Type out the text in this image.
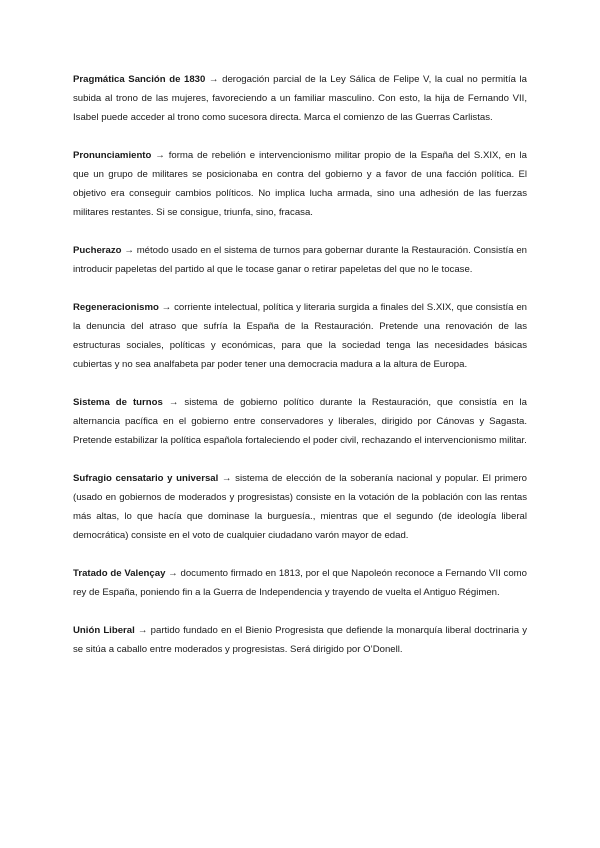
Pragmática Sanción de 1830 → derogación parcial de la Ley Sálica de Felipe V, la cual no permitía la subida al trono de las mujeres, favoreciendo a un familiar masculino. Con esto, la hija de Fernando VII, Isabel puede acceder al trono como sucesora directa. Marca el comienzo de las Guerras Carlistas.

Pronunciamiento → forma de rebelión e intervencionismo militar propio de la España del S.XIX, en la que un grupo de militares se posicionaba en contra del gobierno y a favor de una facción política. El objetivo era conseguir cambios políticos. No implica lucha armada, sino una adhesión de las fuerzas militares restantes. Si se consigue, triunfa, sino, fracasa.

Pucherazo → método usado en el sistema de turnos para gobernar durante la Restauración. Consistía en introducir papeletas del partido al que le tocase ganar o retirar papeletas del que no le tocase.

Regeneracionismo → corriente intelectual, política y literaria surgida a finales del S.XIX, que consistía en la denuncia del atraso que sufría la España de la Restauración. Pretende una renovación de las estructuras sociales, políticas y económicas, para que la sociedad tenga las necesidades básicas cubiertas y no sea analfabeta par poder tener una democracia madura a la altura de Europa.

Sistema de turnos → sistema de gobierno político durante la Restauración, que consistía en la alternancia pacífica en el gobierno entre conservadores y liberales, dirigido por Cánovas y Sagasta. Pretende estabilizar la política española fortaleciendo el poder civil, rechazando el intervencionismo militar.

Sufragio censatario y universal → sistema de elección de la soberanía nacional y popular. El primero (usado en gobiernos de moderados y progresistas) consiste en la votación de la población con las rentas más altas, lo que hacía que dominase la burguesía., mientras que el segundo (de ideología liberal democrática) consiste en el voto de cualquier ciudadano varón mayor de edad.

Tratado de Valençay → documento firmado en 1813, por el que Napoleón reconoce a Fernando VII como rey de España, poniendo fin a la Guerra de Independencia y trayendo de vuelta el Antiguo Régimen.

Unión Liberal → partido fundado en el Bienio Progresista que defiende la monarquía liberal doctrinaria y se sitúa a caballo entre moderados y progresistas. Será dirigido por O’Donell.
